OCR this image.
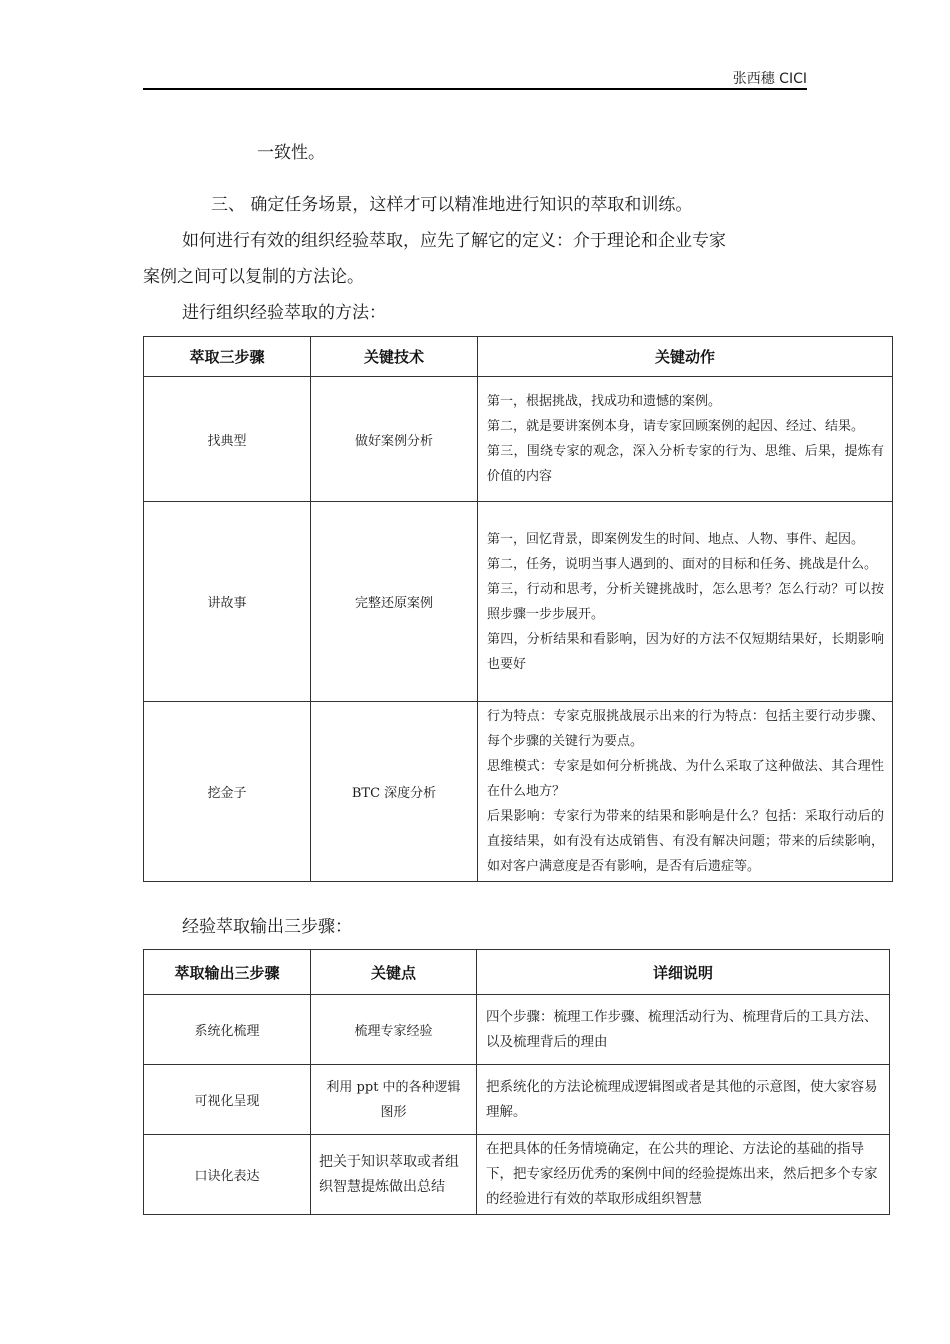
张西穗 CICI
一致性。
三、 确定任务场景，这样才可以精准地进行知识的萃取和训练。
如何进行有效的组织经验萃取，应先了解它的定义：介于理论和企业专家
案例之间可以复制的方法论。
进行组织经验萃取的方法：
萃取三步骤	关键技术	关键动作
找典型	做好案例分析	第一，根据挑战，找成功和遗憾的案例。
第二，就是要讲案例本身，请专家回顾案例的起因、经过、结果。
第三，围绕专家的观念，深入分析专家的行为、思维、后果，提炼有价值的内容

讲故事	完整还原案例	第一，回忆背景，即案例发生的时间、地点、人物、事件、起因。
第二，任务，说明当事人遇到的、面对的目标和任务、挑战是什么。
第三，行动和思考，分析关键挑战时，怎么思考？怎么行动？可以按照步骤一步步展开。
第四，分析结果和看影响，因为好的方法不仅短期结果好，长期影响也要好

挖金子	BTC 深度分析	行为特点：专家克服挑战展示出来的行为特点：包括主要行动步骤、每个步骤的关键行为要点。
思维模式：专家是如何分析挑战、为什么采取了这种做法、其合理性在什么地方？
后果影响：专家行为带来的结果和影响是什么？包括：采取行动后的直接结果，如有没有达成销售、有没有解决问题；带来的后续影响，如对客户满意度是否有影响，是否有后遗症等。
经验萃取输出三步骤：
萃取输出三步骤	关键点	详细说明
系统化梳理	梳理专家经验	四个步骤：梳理工作步骤、梳理活动行为、梳理背后的工具方法、以及梳理背后的理由
可视化呈现	利用 ppt 中的各种逻辑图形	把系统化的方法论梳理成逻辑图或者是其他的示意图，使大家容易理解。
口诀化表达	把关于知识萃取或者组织智慧提炼做出总结	在把具体的任务情境确定，在公共的理论、方法论的基础的指导下，把专家经历优秀的案例中间的经验提炼出来，然后把多个专家的经验进行有效的萃取形成组织智慧
